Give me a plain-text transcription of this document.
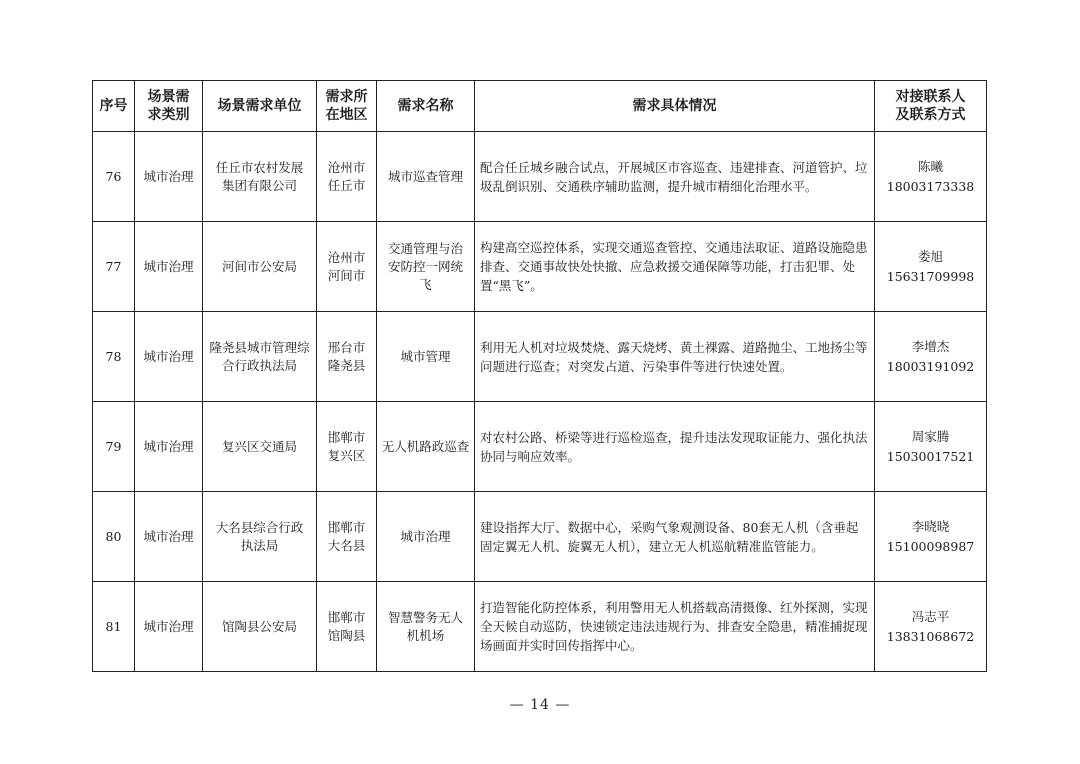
序号	场景需求类别	场景需求单位	需求所在地区	需求名称	需求具体情况	对接联系人及联系方式

76	城市治理	任丘市农村发展集团有限公司	沧州市任丘市	城市巡查管理	配合任丘城乡融合试点，开展城区市容巡查、违建排查、河道管护、垃圾乱倒识别、交通秩序辅助监测，提升城市精细化治理水平。	陈曦
18003173338

77	城市治理	河间市公安局	沧州市河间市	交通管理与治安防控一网统飞	构建高空巡控体系，实现交通巡查管控、交通违法取证、道路设施隐患排查、交通事故快处快撤、应急救援交通保障等功能，打击犯罪、处置“黑飞”。	娄旭
15631709998

78	城市治理	隆尧县城市管理综合行政执法局	邢台市隆尧县	城市管理	利用无人机对垃圾焚烧、露天烧烤、黄土裸露、道路抛尘、工地扬尘等问题进行巡查；对突发占道、污染事件等进行快速处置。	李增杰
18003191092

79	城市治理	复兴区交通局	邯郸市复兴区	无人机路政巡查	对农村公路、桥梁等进行巡检巡查，提升违法发现取证能力、强化执法协同与响应效率。	周家腾
15030017521

80	城市治理	大名县综合行政执法局	邯郸市大名县	城市治理	建设指挥大厅、数据中心，采购气象观测设备、80套无人机（含垂起固定翼无人机、旋翼无人机），建立无人机巡航精准监管能力。	李晓晓
15100098987

81	城市治理	馆陶县公安局	邯郸市馆陶县	智慧警务无人机机场	打造智能化防控体系，利用警用无人机搭载高清摄像、红外探测，实现全天候自动巡防，快速锁定违法违规行为、排查安全隐患，精准捕捉现场画面并实时回传指挥中心。	冯志平
13831068672
— 14 —
